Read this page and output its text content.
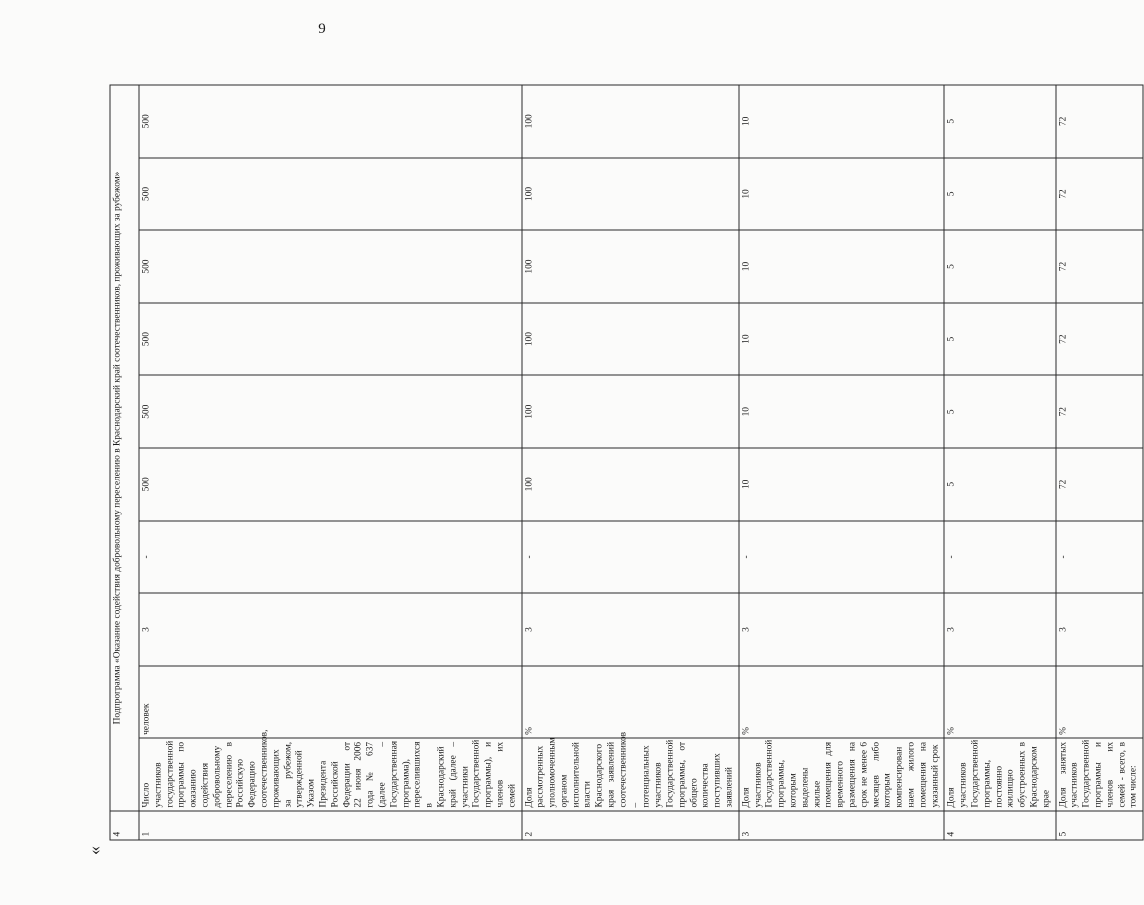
9
4	Подпрограмма «Оказание содействия добровольному переселению в Краснодарский край соотечественников, проживающих за рубежом»									
1	Число участников государственной программы по оказанию содействия добровольному переселению в Российскую Федерацию соотечественников, проживающих за рубежом, утвержденной Указом Президента Российской Федерации от 22 июня 2006 года № 637 (далее – Государственная программа), переселившихся в Краснодарский край (далее – участники Государственной программы), и членов их семей	человек	3	-	500	500	500	500	500	500
2	Доля рассмотренных уполномоченным органом исполнительной власти Краснодарского края заявлений соотечественников – потенциальных участников Государственной программы, от общего количества поступивших заявлений	%	3	-	100	100	100	100	100	100
3	Доля участников Государственной программы, которым выделены жилые помещения для временного размещения на срок не менее 6 месяцев либо которым компенсирован наем жилого помещения на указанный срок	%	3	-	10	10	10	10	10	10
4	Доля участников Государственной программы, постоянно жилищно обустроенных в Краснодарском крае	%	3	-	5	5	5	5	5	5
5	Доля занятых участников Государственной программы и членов их семей - всего, в том числе:	%	3	-	72	72	72	72	72	72
«
